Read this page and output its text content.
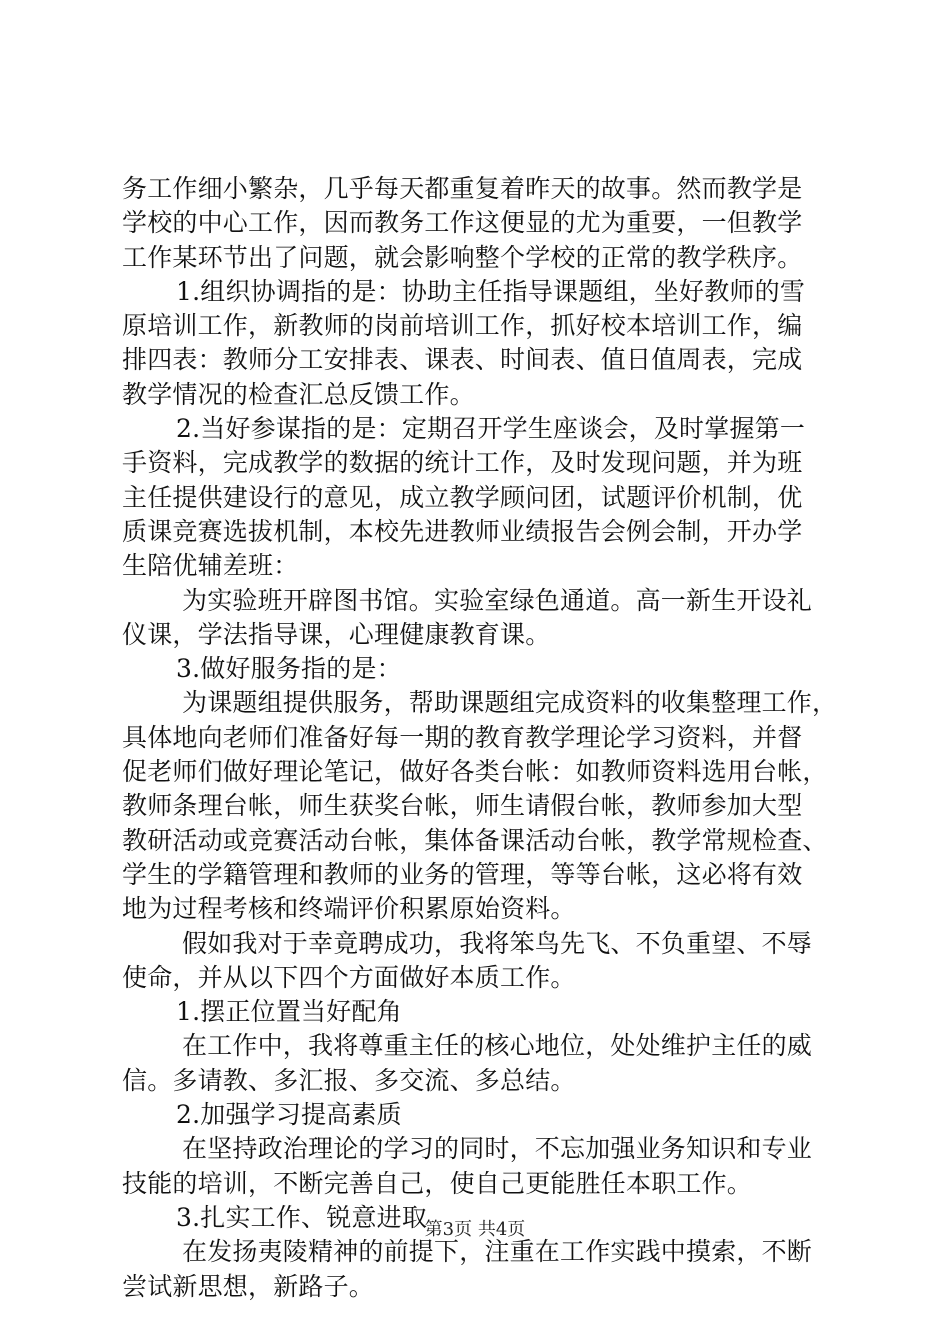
务工作细小繁杂，几乎每天都重复着昨天的故事。然而教学是
学校的中心工作，因而教务工作这便显的尤为重要，一但教学
工作某环节出了问题，就会影响整个学校的正常的教学秩序。
1.组织协调指的是：协助主任指导课题组，坐好教师的雪
原培训工作，新教师的岗前培训工作，抓好校本培训工作，编
排四表：教师分工安排表、课表、时间表、值日值周表，完成
教学情况的检查汇总反馈工作。
2.当好参谋指的是：定期召开学生座谈会，及时掌握第一
手资料，完成教学的数据的统计工作，及时发现问题，并为班
主任提供建设行的意见，成立教学顾问团，试题评价机制，优
质课竞赛选拔机制，本校先进教师业绩报告会例会制，开办学
生陪优辅差班：
为实验班开辟图书馆。实验室绿色通道。高一新生开设礼
仪课，学法指导课，心理健康教育课。
3.做好服务指的是：
为课题组提供服务，帮助课题组完成资料的收集整理工作，
具体地向老师们准备好每一期的教育教学理论学习资料，并督
促老师们做好理论笔记，做好各类台帐：如教师资料选用台帐，
教师条理台帐，师生获奖台帐，师生请假台帐，教师参加大型
教研活动或竞赛活动台帐，集体备课活动台帐，教学常规检查、
学生的学籍管理和教师的业务的管理，等等台帐，这必将有效
地为过程考核和终端评价积累原始资料。
假如我对于幸竟聘成功，我将笨鸟先飞、不负重望、不辱
使命，并从以下四个方面做好本质工作。
1.摆正位置当好配角
在工作中，我将尊重主任的核心地位，处处维护主任的威
信。多请教、多汇报、多交流、多总结。
2.加强学习提高素质
在坚持政治理论的学习的同时，不忘加强业务知识和专业
技能的培训，不断完善自己，使自己更能胜任本职工作。
3.扎实工作、锐意进取
在发扬夷陵精神的前提下，注重在工作实践中摸索，不断
尝试新思想，新路子。
第3页 共4页
